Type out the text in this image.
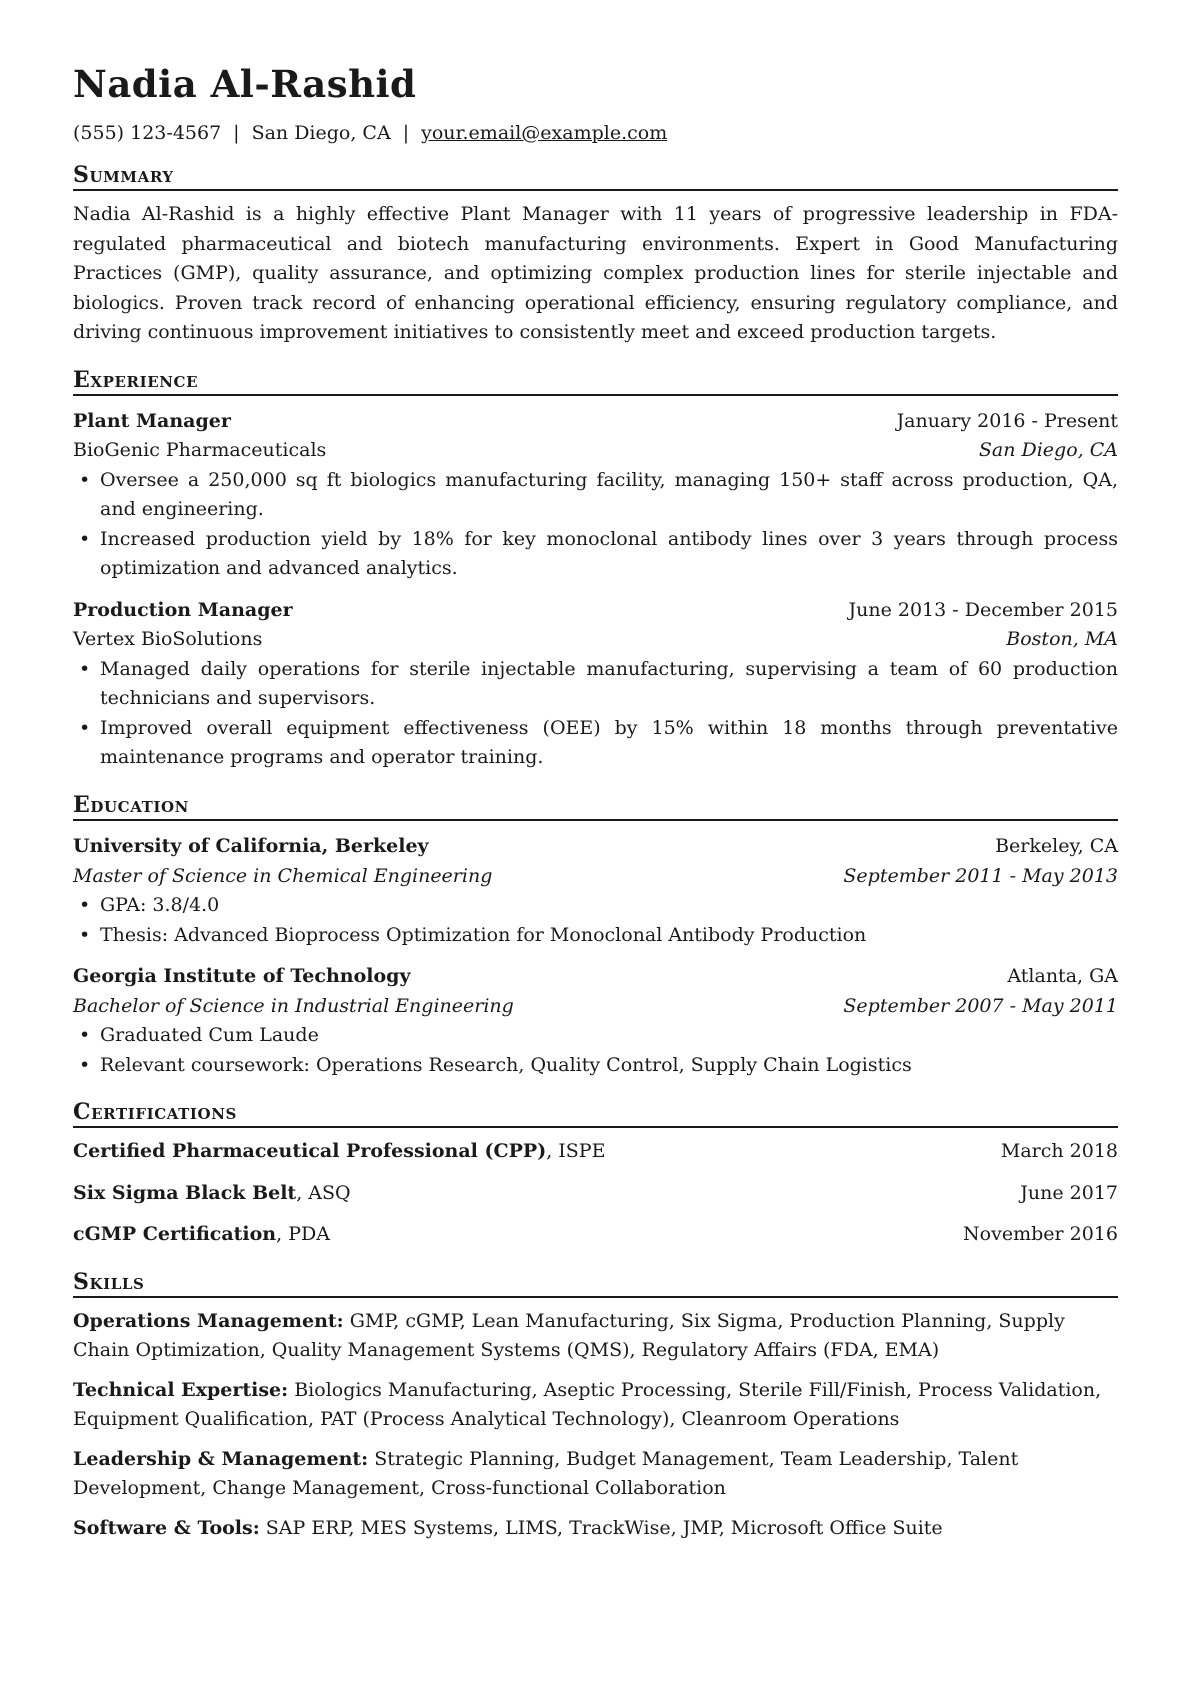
Nadia Al-Rashid
(555) 123-4567 | San Diego, CA | your.email@example.com
Summary
Nadia Al-Rashid is a highly effective Plant Manager with 11 years of progressive leadership in FDA-regulated pharmaceutical and biotech manufacturing environments. Expert in Good Manufacturing Practices (GMP), quality assurance, and optimizing complex production lines for sterile injectable and biologics. Proven track record of enhancing operational efficiency, ensuring regulatory compliance, and driving continuous improvement initiatives to consistently meet and exceed production targets.
Experience
Plant Manager	January 2016 - Present
BioGenic Pharmaceuticals	San Diego, CA
• Oversee a 250,000 sq ft biologics manufacturing facility, managing 150+ staff across production, QA, and engineering.
• Increased production yield by 18% for key monoclonal antibody lines over 3 years through process optimization and advanced analytics.
Production Manager	June 2013 - December 2015
Vertex BioSolutions	Boston, MA
• Managed daily operations for sterile injectable manufacturing, supervising a team of 60 production technicians and supervisors.
• Improved overall equipment effectiveness (OEE) by 15% within 18 months through preventative maintenance programs and operator training.
Education
University of California, Berkeley	Berkeley, CA
Master of Science in Chemical Engineering	September 2011 - May 2013
• GPA: 3.8/4.0
• Thesis: Advanced Bioprocess Optimization for Monoclonal Antibody Production
Georgia Institute of Technology	Atlanta, GA
Bachelor of Science in Industrial Engineering	September 2007 - May 2011
• Graduated Cum Laude
• Relevant coursework: Operations Research, Quality Control, Supply Chain Logistics
Certifications
Certified Pharmaceutical Professional (CPP), ISPE	March 2018
Six Sigma Black Belt, ASQ	June 2017
cGMP Certification, PDA	November 2016
Skills
Operations Management: GMP, cGMP, Lean Manufacturing, Six Sigma, Production Planning, Supply Chain Optimization, Quality Management Systems (QMS), Regulatory Affairs (FDA, EMA)
Technical Expertise: Biologics Manufacturing, Aseptic Processing, Sterile Fill/Finish, Process Validation, Equipment Qualification, PAT (Process Analytical Technology), Cleanroom Operations
Leadership & Management: Strategic Planning, Budget Management, Team Leadership, Talent Development, Change Management, Cross-functional Collaboration
Software & Tools: SAP ERP, MES Systems, LIMS, TrackWise, JMP, Microsoft Office Suite
